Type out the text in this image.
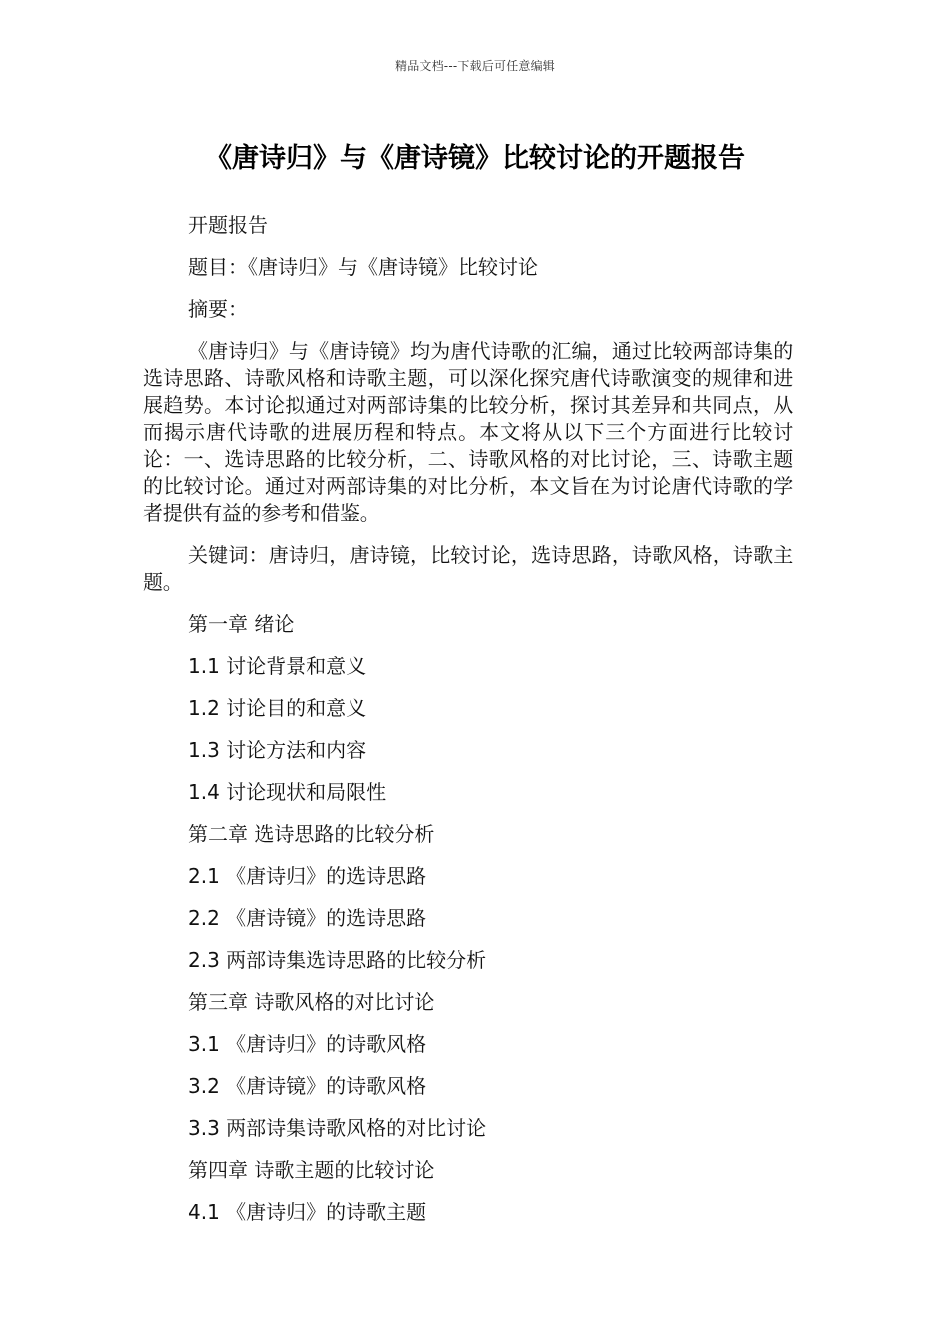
精品文档---下载后可任意编辑
《唐诗归》与《唐诗镜》比较讨论的开题报告

开题报告

题目：《唐诗归》与《唐诗镜》比较讨论

摘要：

《唐诗归》与《唐诗镜》均为唐代诗歌的汇编，通过比较两部诗集的选诗思路、诗歌风格和诗歌主题，可以深化探究唐代诗歌演变的规律和进展趋势。本讨论拟通过对两部诗集的比较分析，探讨其差异和共同点，从而揭示唐代诗歌的进展历程和特点。本文将从以下三个方面进行比较讨论：一、选诗思路的比较分析，二、诗歌风格的对比讨论，三、诗歌主题的比较讨论。通过对两部诗集的对比分析，本文旨在为讨论唐代诗歌的学者提供有益的参考和借鉴。

关键词：唐诗归，唐诗镜，比较讨论，选诗思路，诗歌风格，诗歌主题。

第一章 绪论

1.1 讨论背景和意义

1.2 讨论目的和意义

1.3 讨论方法和内容

1.4 讨论现状和局限性

第二章 选诗思路的比较分析

2.1 《唐诗归》的选诗思路

2.2 《唐诗镜》的选诗思路

2.3 两部诗集选诗思路的比较分析

第三章 诗歌风格的对比讨论

3.1 《唐诗归》的诗歌风格

3.2 《唐诗镜》的诗歌风格

3.3 两部诗集诗歌风格的对比讨论

第四章 诗歌主题的比较讨论

4.1 《唐诗归》的诗歌主题
